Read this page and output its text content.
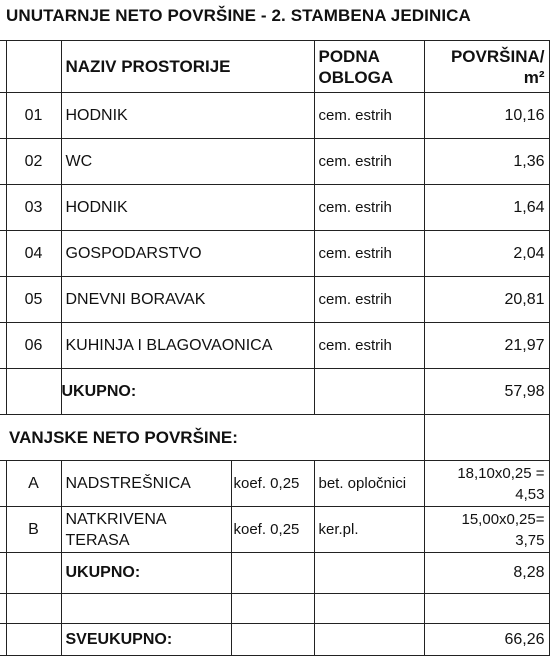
UNUTARNJE NETO POVRŠINE - 2. STAMBENA JEDINICA
		NAZIV PROSTORIJE		PODNA OBLOGA	POVRŠINA/
m²
	01	HODNIK		cem. estrih	10,16
	02	WC		cem. estrih	1,36
	03	HODNIK		cem. estrih	1,64
	04	GOSPODARSTVO		cem. estrih	2,04
	05	DNEVNI BORAVAK		cem. estrih	20,81
	06	KUHINJA I BLAGOVAONICA		cem. estrih	21,97
		UKUPNO:			57,98
VANJSKE NETO POVRŠINE:					
	A	NADSTREŠNICA	koef. 0,25	bet. opločnici	18,10x0,25 =
4,53
	B	NATKRIVENA TERASA	koef. 0,25	ker.pl.	15,00x0,25=
3,75
		UKUPNO:			8,28

		SVEUKUPNO:			66,26
